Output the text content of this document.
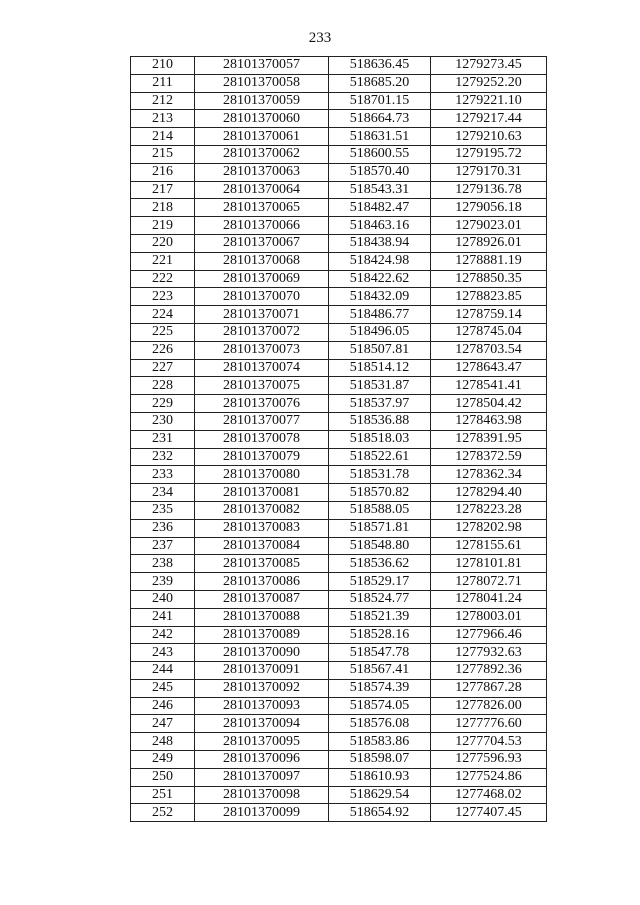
233
210	28101370057	518636.45	1279273.45
211	28101370058	518685.20	1279252.20
212	28101370059	518701.15	1279221.10
213	28101370060	518664.73	1279217.44
214	28101370061	518631.51	1279210.63
215	28101370062	518600.55	1279195.72
216	28101370063	518570.40	1279170.31
217	28101370064	518543.31	1279136.78
218	28101370065	518482.47	1279056.18
219	28101370066	518463.16	1279023.01
220	28101370067	518438.94	1278926.01
221	28101370068	518424.98	1278881.19
222	28101370069	518422.62	1278850.35
223	28101370070	518432.09	1278823.85
224	28101370071	518486.77	1278759.14
225	28101370072	518496.05	1278745.04
226	28101370073	518507.81	1278703.54
227	28101370074	518514.12	1278643.47
228	28101370075	518531.87	1278541.41
229	28101370076	518537.97	1278504.42
230	28101370077	518536.88	1278463.98
231	28101370078	518518.03	1278391.95
232	28101370079	518522.61	1278372.59
233	28101370080	518531.78	1278362.34
234	28101370081	518570.82	1278294.40
235	28101370082	518588.05	1278223.28
236	28101370083	518571.81	1278202.98
237	28101370084	518548.80	1278155.61
238	28101370085	518536.62	1278101.81
239	28101370086	518529.17	1278072.71
240	28101370087	518524.77	1278041.24
241	28101370088	518521.39	1278003.01
242	28101370089	518528.16	1277966.46
243	28101370090	518547.78	1277932.63
244	28101370091	518567.41	1277892.36
245	28101370092	518574.39	1277867.28
246	28101370093	518574.05	1277826.00
247	28101370094	518576.08	1277776.60
248	28101370095	518583.86	1277704.53
249	28101370096	518598.07	1277596.93
250	28101370097	518610.93	1277524.86
251	28101370098	518629.54	1277468.02
252	28101370099	518654.92	1277407.45
